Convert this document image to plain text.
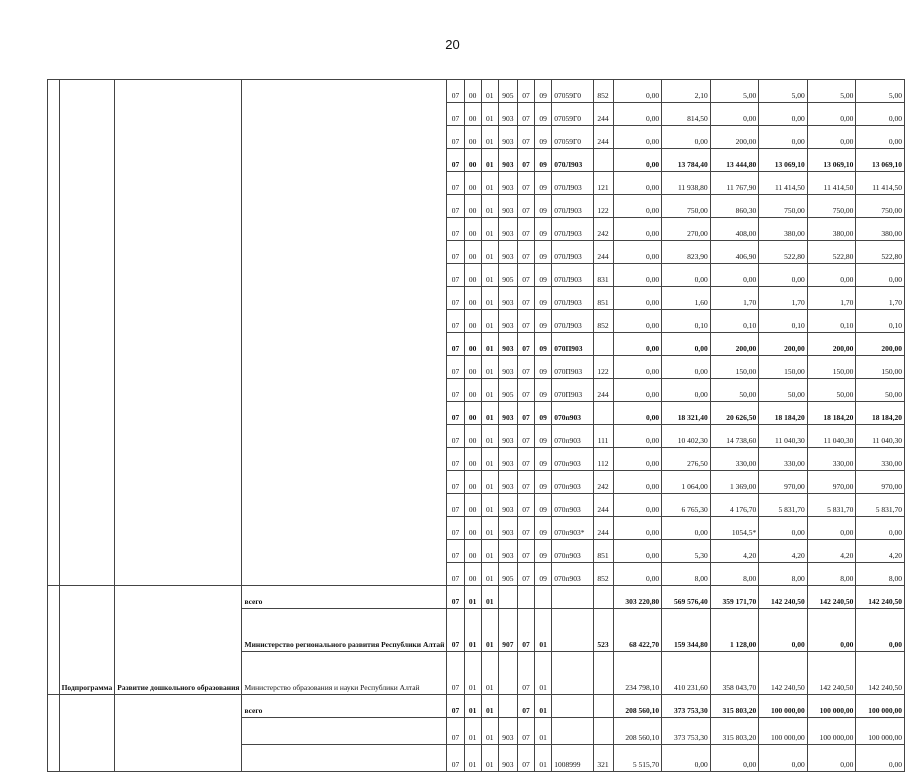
20
				07	00	01	905	07	09	07059Г0	852	0,00	2,10	5,00	5,00	5,00	5,00
				07	00	01	903	07	09	07059Г0	244	0,00	814,50	0,00	0,00	0,00	0,00
				07	00	01	903	07	09	07059Г0	244	0,00	0,00	200,00	0,00	0,00	0,00
				07	00	01	903	07	09	070Л903		0,00	13 784,40	13 444,80	13 069,10	13 069,10	13 069,10
				07	00	01	903	07	09	070Л903	121	0,00	11 938,80	11 767,90	11 414,50	11 414,50	11 414,50
				07	00	01	903	07	09	070Л903	122	0,00	750,00	860,30	750,00	750,00	750,00
				07	00	01	903	07	09	070Л903	242	0,00	270,00	408,00	380,00	380,00	380,00
				07	00	01	903	07	09	070Л903	244	0,00	823,90	406,90	522,80	522,80	522,80
				07	00	01	905	07	09	070Л903	831	0,00	0,00	0,00	0,00	0,00	0,00
				07	00	01	903	07	09	070Л903	851	0,00	1,60	1,70	1,70	1,70	1,70
				07	00	01	903	07	09	070Л903	852	0,00	0,10	0,10	0,10	0,10	0,10
				07	00	01	903	07	09	070П903		0,00	0,00	200,00	200,00	200,00	200,00
				07	00	01	903	07	09	070П903	122	0,00	0,00	150,00	150,00	150,00	150,00
				07	00	01	905	07	09	070П903	244	0,00	0,00	50,00	50,00	50,00	50,00
				07	00	01	903	07	09	070п903		0,00	18 321,40	20 626,50	18 184,20	18 184,20	18 184,20
				07	00	01	903	07	09	070п903	111	0,00	10 402,30	14 738,60	11 040,30	11 040,30	11 040,30
				07	00	01	903	07	09	070п903	112	0,00	276,50	330,00	330,00	330,00	330,00
				07	00	01	903	07	09	070п903	242	0,00	1 064,00	1 369,00	970,00	970,00	970,00
				07	00	01	903	07	09	070п903	244	0,00	6 765,30	4 176,70	5 831,70	5 831,70	5 831,70
				07	00	01	903	07	09	070п903*	244	0,00	0,00	1054,5*	0,00	0,00	0,00
				07	00	01	903	07	09	070п903	851	0,00	5,30	4,20	4,20	4,20	4,20
				07	00	01	905	07	09	070п903	852	0,00	8,00	8,00	8,00	8,00	8,00
	Подпрограмма	Развитие дошкольного образования	всего	07	01	01						303 220,80	569 576,40	359 171,70	142 240,50	142 240,50	142 240,50
			Министерство регионального развития Республики Алтай	07	01	01	907	07	01		523	68 422,70	159 344,80	1 128,00	0,00	0,00	0,00
			Министерство образования и науки Республики Алтай	07	01	01		07	01			234 798,10	410 231,60	358 043,70	142 240,50	142 240,50	142 240,50
			всего	07	01	01		07	01			208 560,10	373 753,30	315 803,20	100 000,00	100 000,00	100 000,00
				07	01	01	903	07	01			208 560,10	373 753,30	315 803,20	100 000,00	100 000,00	100 000,00
				07	01	01	903	07	01	1008999	321	5 515,70	0,00	0,00	0,00	0,00	0,00
